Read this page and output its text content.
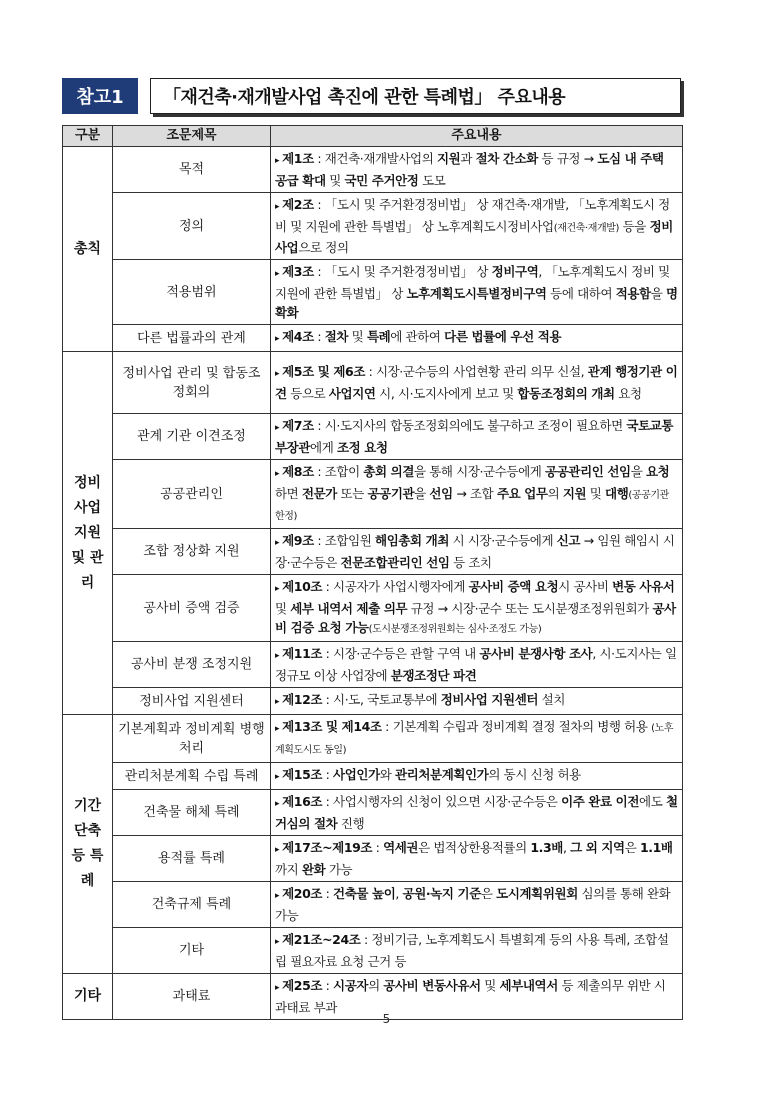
참고1	「재건축·재개발사업 촉진에 관한 특례법」 주요내용
구분	조문제목	주요내용
총칙	목적	▸ 제1조 : 재건축·재개발사업의 지원과 절차 간소화 등 규정 → 도심 내 주택 공급 확대 및 국민 주거안정 도모
	정의	▸ 제2조 : 「도시 및 주거환경정비법」 상 재건축·재개발, 「노후계획도시 정비 및 지원에 관한 특별법」 상 노후계획도시정비사업(재건축·재개발) 등을 정비사업으로 정의
	적용범위	▸ 제3조 : 「도시 및 주거환경정비법」 상 정비구역, 「노후계획도시 정비 및 지원에 관한 특별법」 상 노후계획도시특별정비구역 등에 대하여 적용함을 명확화
	다른 법률과의 관계	▸ 제4조 : 절차 및 특례에 관하여 다른 법률에 우선 적용
정비 사업 지원 및 관리	정비사업 관리 및 합동조정회의	▸ 제5조 및 제6조 : 시장·군수등의 사업현황 관리 의무 신설, 관계 행정기관 이견 등으로 사업지연 시, 시·도지사에게 보고 및 합동조정회의 개최 요청
	관계 기관 이견조정	▸ 제7조 : 시·도지사의 합동조정회의에도 불구하고 조정이 필요하면 국토교통부장관에게 조정 요청
	공공관리인	▸ 제8조 : 조합이 총회 의결을 통해 시장·군수등에게 공공관리인 선임을 요청하면 전문가 또는 공공기관을 선임 → 조합 주요 업무의 지원 및 대행(공공기관 한정)
	조합 정상화 지원	▸ 제9조 : 조합임원 해임총회 개최 시 시장·군수등에게 신고 → 임원 해임시 시장·군수등은 전문조합관리인 선임 등 조치
	공사비 증액 검증	▸ 제10조 : 시공자가 사업시행자에게 공사비 증액 요청시 공사비 변동 사유서 및 세부 내역서 제출 의무 규정 → 시장·군수 또는 도시분쟁조정위원회가 공사비 검증 요청 가능(도시분쟁조정위원회는 심사·조정도 가능)
	공사비 분쟁 조정지원	▸ 제11조 : 시장·군수등은 관할 구역 내 공사비 분쟁사항 조사, 시·도지사는 일정규모 이상 사업장에 분쟁조정단 파견
	정비사업 지원센터	▸ 제12조 : 시·도, 국토교통부에 정비사업 지원센터 설치
기간 단축 등 특례	기본계획과 정비계획 병행 처리	▸ 제13조 및 제14조 : 기본계획 수립과 정비계획 결정 절차의 병행 허용 (노후계획도시도 동일)
	관리처분계획 수립 특례	▸ 제15조 : 사업인가와 관리처분계획인가의 동시 신청 허용
	건축물 해체 특례	▸ 제16조 : 사업시행자의 신청이 있으면 시장·군수등은 이주 완료 이전에도 철거심의 절차 진행
	용적률 특례	▸ 제17조~제19조 : 역세권은 법적상한용적률의 1.3배, 그 외 지역은 1.1배까지 완화 가능
	건축규제 특례	▸ 제20조 : 건축물 높이, 공원·녹지 기준은 도시계획위원회 심의를 통해 완화 가능
	기타	▸ 제21조~24조 : 정비기금, 노후계획도시 특별회계 등의 사용 특례, 조합설립 필요자료 요청 근거 등
기타	과태료	▸ 제25조 : 시공자의 공사비 변동사유서 및 세부내역서 등 제출의무 위반 시 과태료 부과
- 5 -
